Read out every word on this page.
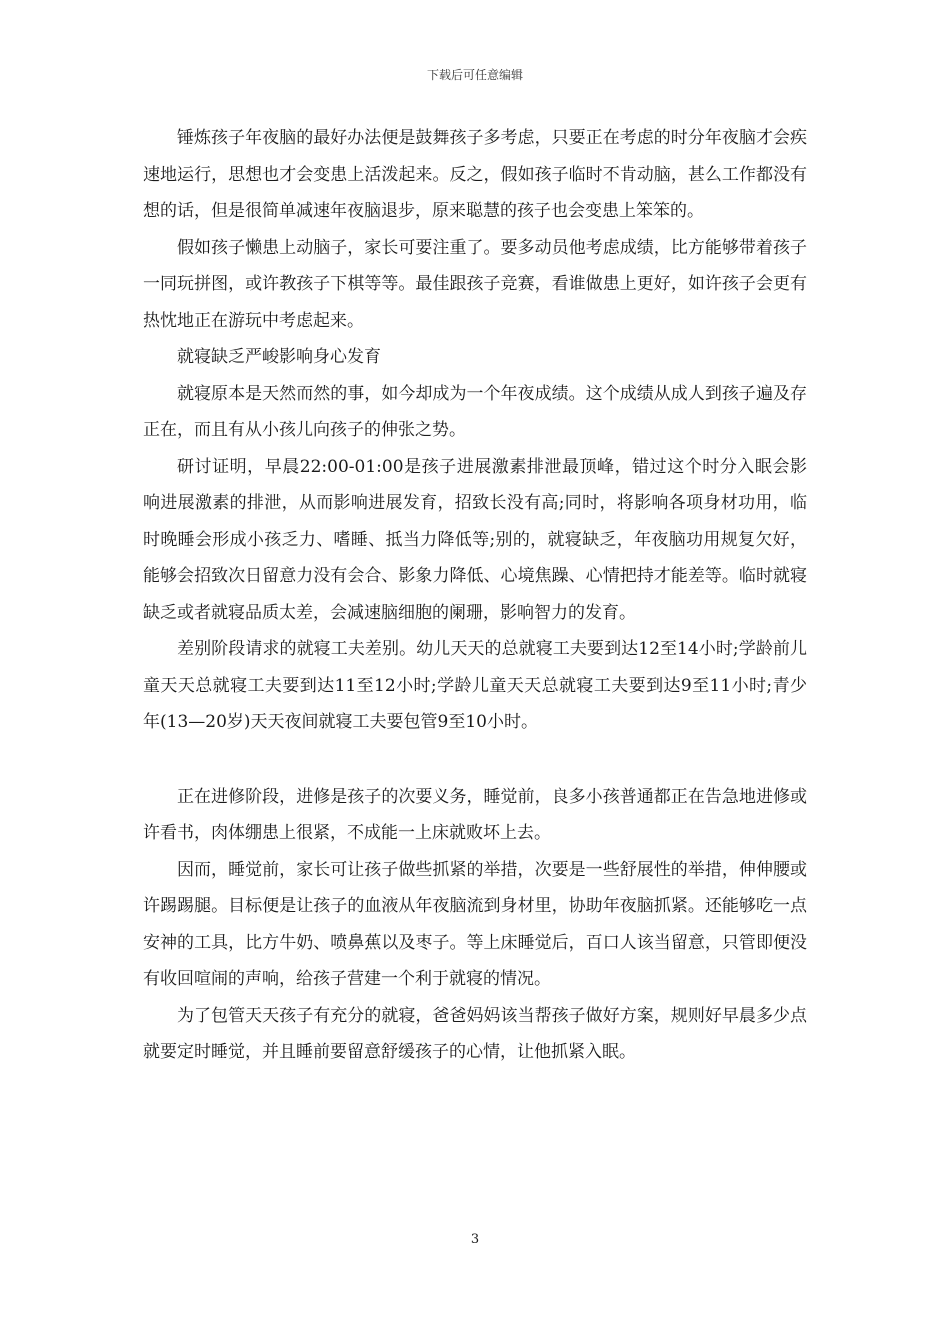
下载后可任意编辑

锤炼孩子年夜脑的最好办法便是鼓舞孩子多考虑，只要正在考虑的时分年夜脑才会疾速地运行，思想也才会变患上活泼起来。反之，假如孩子临时不肯动脑，甚么工作都没有想的话，但是很简单减速年夜脑退步，原来聪慧的孩子也会变患上笨笨的。

假如孩子懒患上动脑子，家长可要注重了。要多动员他考虑成绩，比方能够带着孩子一同玩拼图，或许教孩子下棋等等。最佳跟孩子竞赛，看谁做患上更好，如许孩子会更有热忱地正在游玩中考虑起来。

就寝缺乏严峻影响身心发育

就寝原本是天然而然的事，如今却成为一个年夜成绩。这个成绩从成人到孩子遍及存正在，而且有从小孩儿向孩子的伸张之势。

研讨证明，早晨22:00-01:00是孩子进展激素排泄最顶峰，错过这个时分入眠会影响进展激素的排泄，从而影响进展发育，招致长没有高;同时，将影响各项身材功用，临时晚睡会形成小孩乏力、嗜睡、抵当力降低等;别的，就寝缺乏，年夜脑功用规复欠好，能够会招致次日留意力没有会合、影象力降低、心境焦躁、心情把持才能差等。临时就寝缺乏或者就寝品质太差，会减速脑细胞的阑珊，影响智力的发育。

差别阶段请求的就寝工夫差别。幼儿天天的总就寝工夫要到达12至14小时;学龄前儿童天天总就寝工夫要到达11至12小时;学龄儿童天天总就寝工夫要到达9至11小时;青少年(13—20岁)天天夜间就寝工夫要包管9至10小时。

正在进修阶段，进修是孩子的次要义务，睡觉前，良多小孩普通都正在告急地进修或许看书，肉体绷患上很紧，不成能一上床就败坏上去。

因而，睡觉前，家长可让孩子做些抓紧的举措，次要是一些舒展性的举措，伸伸腰或许踢踢腿。目标便是让孩子的血液从年夜脑流到身材里，协助年夜脑抓紧。还能够吃一点安神的工具，比方牛奶、喷鼻蕉以及枣子。等上床睡觉后，百口人该当留意，只管即便没有收回喧闹的声响，给孩子营建一个利于就寝的情况。

为了包管天天孩子有充分的就寝，爸爸妈妈该当帮孩子做好方案，规则好早晨多少点就要定时睡觉，并且睡前要留意舒缓孩子的心情，让他抓紧入眠。

3
